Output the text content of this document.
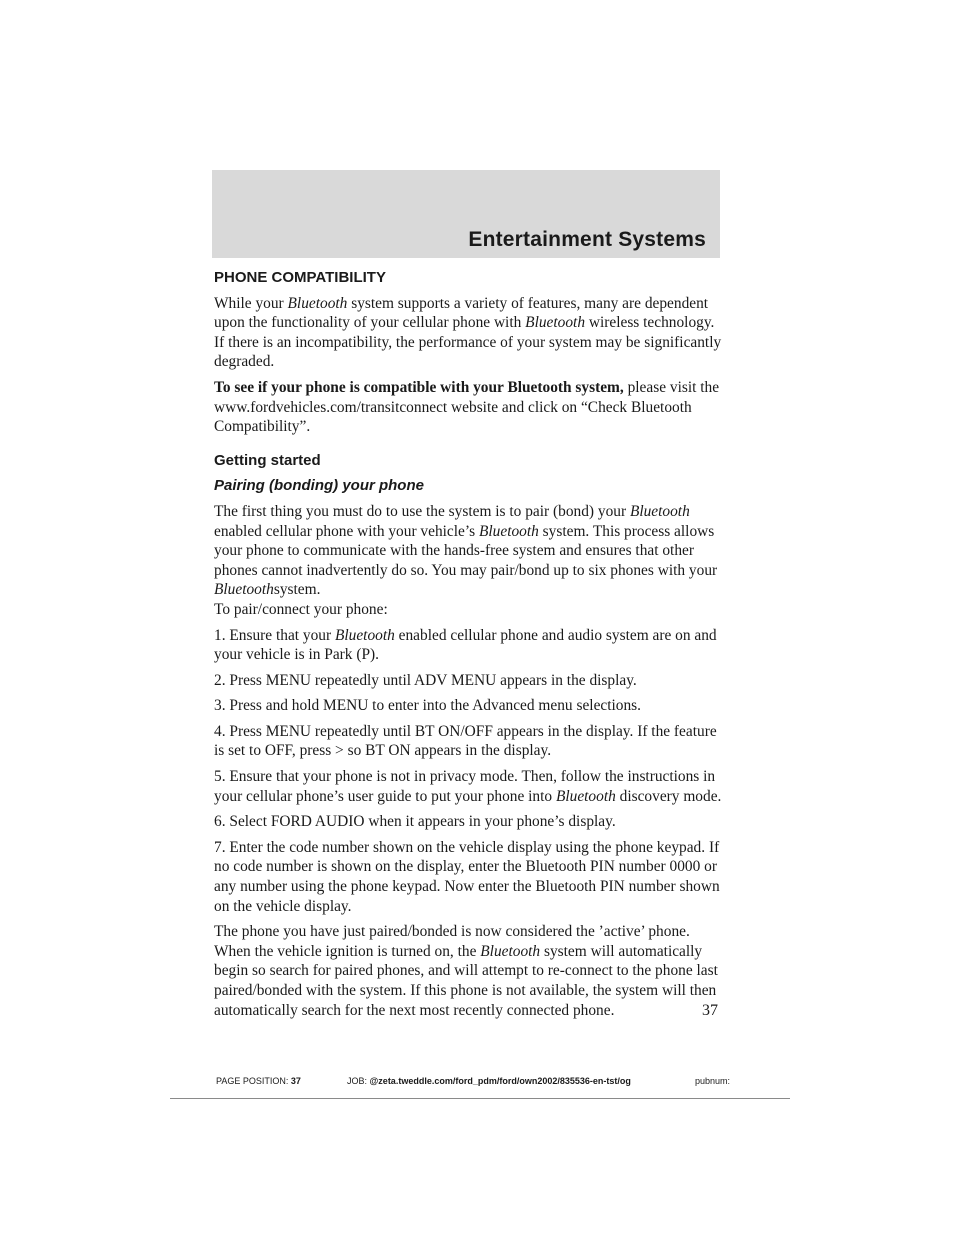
Entertainment Systems
PHONE COMPATIBILITY

While your Bluetooth system supports a variety of features, many are dependent upon the functionality of your cellular phone with Bluetooth wireless technology. If there is an incompatibility, the performance of your system may be significantly degraded.

To see if your phone is compatible with your Bluetooth system, please visit the www.fordvehicles.com/transitconnect website and click on “Check Bluetooth Compatibility”.

Getting started
Pairing (bonding) your phone

The first thing you must do to use the system is to pair (bond) your Bluetooth enabled cellular phone with your vehicle’s Bluetooth system. This process allows your phone to communicate with the hands-free system and ensures that other phones cannot inadvertently do so. You may pair/bond up to six phones with your Bluetoothsystem.

To pair/connect your phone:

1. Ensure that your Bluetooth enabled cellular phone and audio system are on and your vehicle is in Park (P).

2. Press MENU repeatedly until ADV MENU appears in the display.

3. Press and hold MENU to enter into the Advanced menu selections.

4. Press MENU repeatedly until BT ON/OFF appears in the display. If the feature is set to OFF, press > so BT ON appears in the display.

5. Ensure that your phone is not in privacy mode. Then, follow the instructions in your cellular phone’s user guide to put your phone into Bluetooth discovery mode.

6. Select FORD AUDIO when it appears in your phone’s display.

7. Enter the code number shown on the vehicle display using the phone keypad. If no code number is shown on the display, enter the Bluetooth PIN number 0000 or any number using the phone keypad. Now enter the Bluetooth PIN number shown on the vehicle display.

The phone you have just paired/bonded is now considered the ’active’ phone. When the vehicle ignition is turned on, the Bluetooth system will automatically begin so search for paired phones, and will attempt to re-connect to the phone last paired/bonded with the system. If this phone is not available, the system will then automatically search for the next most recently connected phone.	37
PAGE POSITION: 37	JOB: @zeta.tweddle.com/ford_pdm/ford/own2002/835536-en-tst/og	pubnum:
